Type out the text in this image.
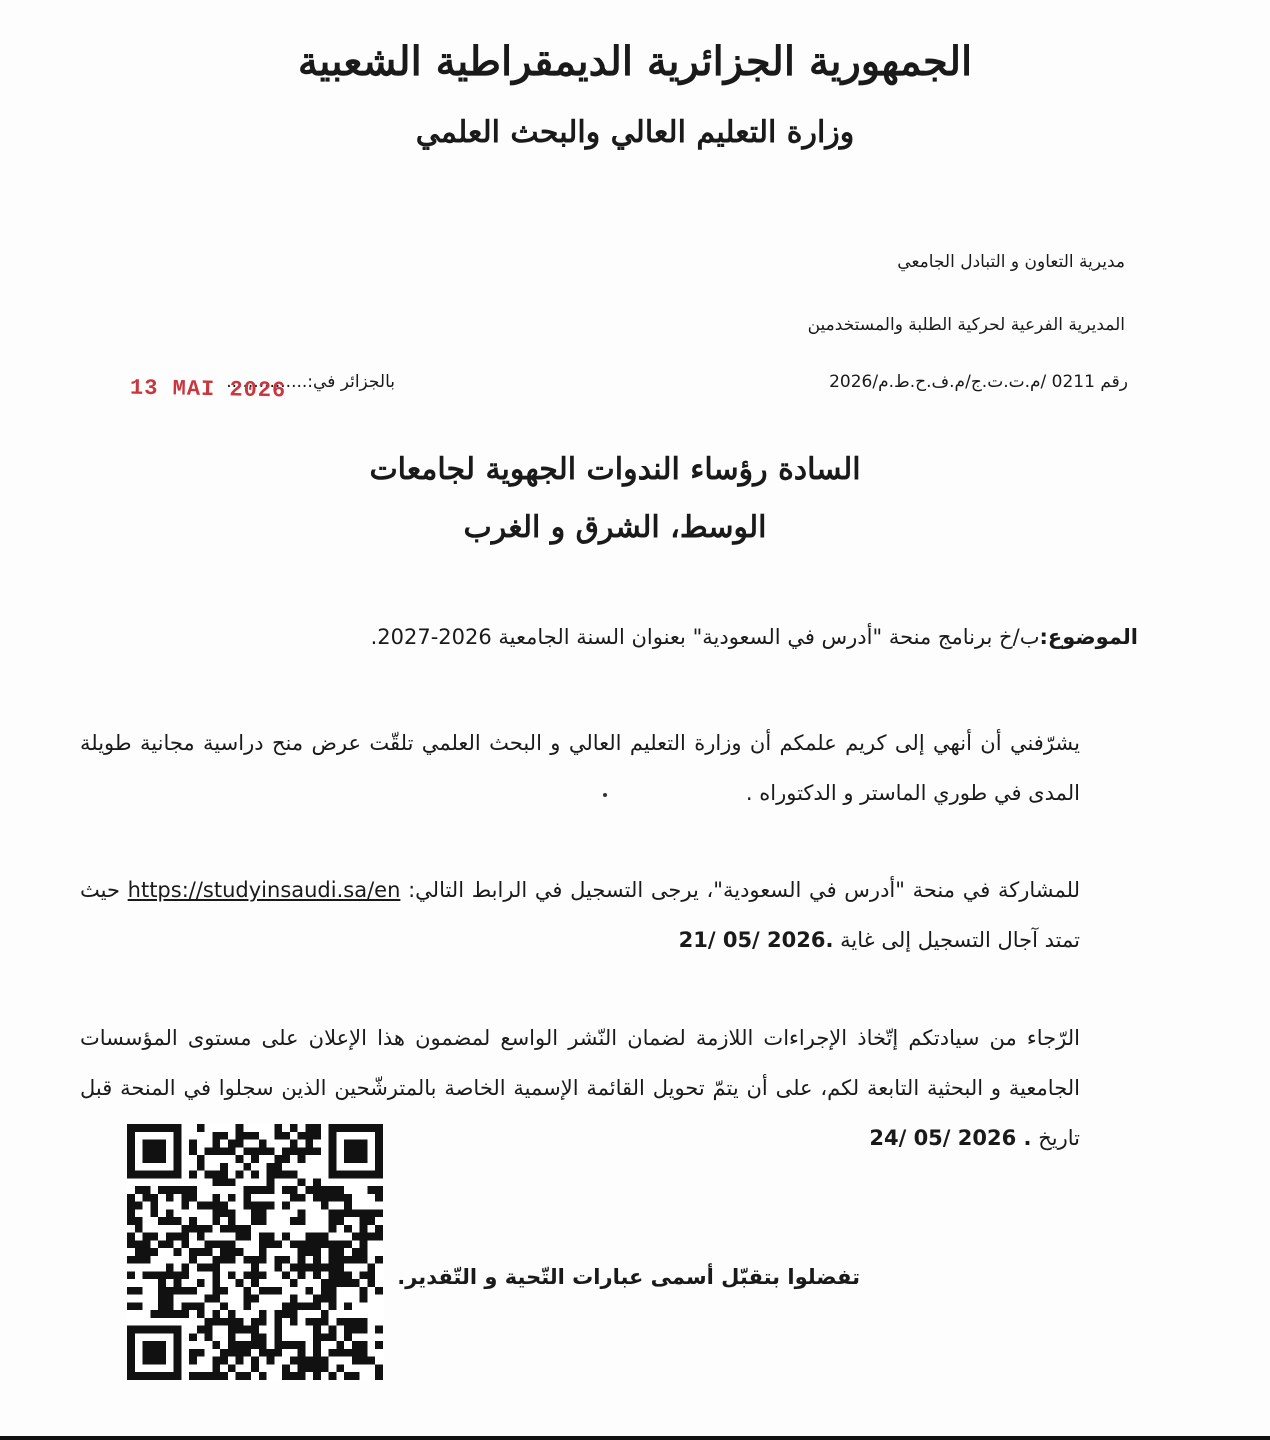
الجمهورية الجزائرية الديمقراطية الشعبية
وزارة التعليم العالي والبحث العلمي
مديرية التعاون و التبادل الجامعي
المديرية الفرعية لحركية الطلبة والمستخدمين
رقم 0211 /م.ت.ت.ج/م.ف.ح.ط.م/2026
بالجزائر في:...............
13 MAI 2026
السادة رؤساء الندوات الجهوية لجامعات
الوسط، الشرق و الغرب
الموضوع:ب/خ برنامج منحة "أدرس في السعودية" بعنوان السنة الجامعية 2026-2027.
يشرّفني أن أنهي إلى كريم علمكم أن وزارة التعليم العالي و البحث العلمي تلقّت عرض منح دراسية مجانية طويلة المدى في طوري الماستر و الدكتوراه .
للمشاركة في منحة "أدرس في السعودية"، يرجى التسجيل في الرابط التالي: https://studyinsaudi.sa/en حيث تمتد آجال التسجيل إلى غاية 21/ 05/ 2026.
الرّجاء من سيادتكم إتّخاذ الإجراءات اللازمة لضمان النّشر الواسع لمضمون هذا الإعلان على مستوى المؤسسات الجامعية و البحثية التابعة لكم، على أن يتمّ تحويل القائمة الإسمية الخاصة بالمترشّحين الذين سجلوا في المنحة قبل تاريخ 24/ 05/ 2026 .
تفضلوا بتقبّل أسمى عبارات التّحية و التّقدير.
